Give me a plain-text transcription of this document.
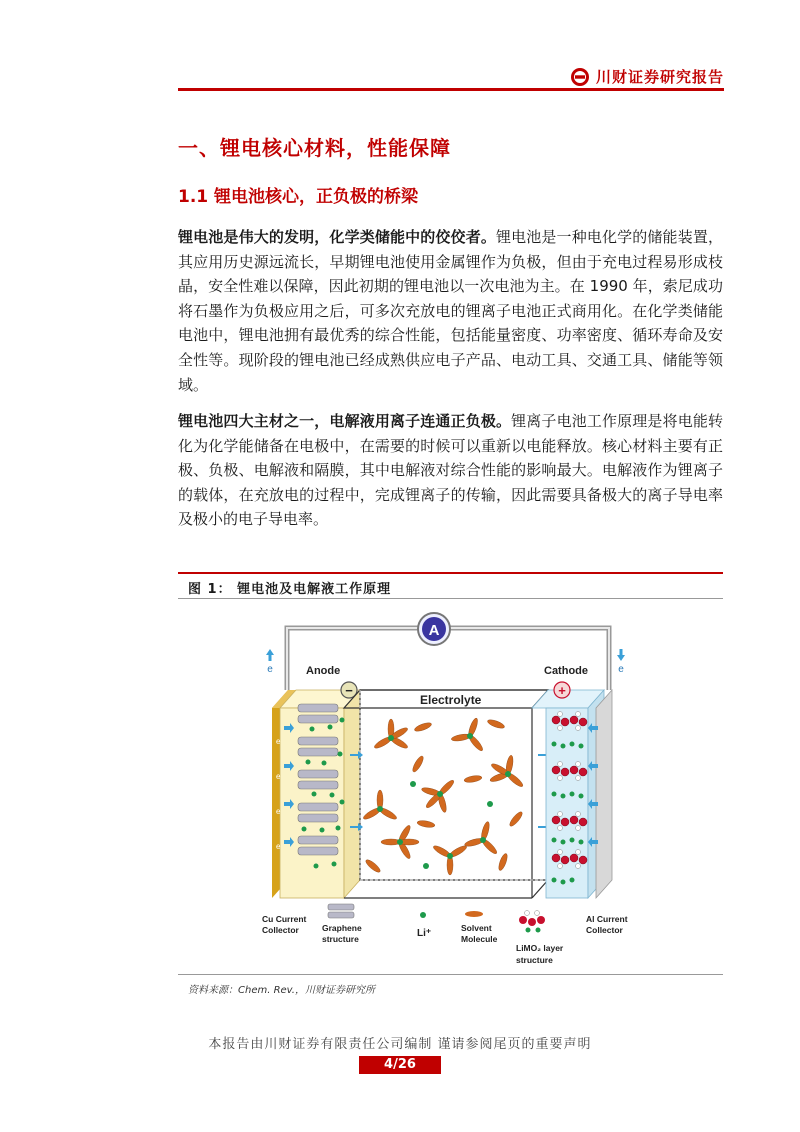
川财证券研究报告
一、锂电核心材料，性能保障
1.1 锂电池核心，正负极的桥梁

锂电池是伟大的发明，化学类储能中的佼佼者。锂电池是一种电化学的储能装置，其应用历史源远流长，早期锂电池使用金属锂作为负极，但由于充电过程易形成枝晶，安全性难以保障，因此初期的锂电池以一次电池为主。在 1990 年，索尼成功将石墨作为负极应用之后，可多次充放电的锂离子电池正式商用化。在化学类储能电池中，锂电池拥有最优秀的综合性能，包括能量密度、功率密度、循环寿命及安全性等。现阶段的锂电池已经成熟供应电子产品、电动工具、交通工具、储能等领域。

锂电池四大主材之一，电解液用离子连通正负极。锂离子电池工作原理是将电能转化为化学能储备在电极中，在需要的时候可以重新以电能释放。核心材料主要有正极、负极、电解液和隔膜，其中电解液对综合性能的影响最大。电解液作为锂离子的载体，在充放电的过程中，完成锂离子的传输，因此需要具备极大的离子导电率及极小的电子导电率。

图 1： 锂电池及电解液工作原理
A
e	e
Anode
−
e
e
e
e
Electrolyte
Cathode
+
Cu Current
Collector	Graphene
structure	Li⁺	Solvent
Molecule
LiMO₂ layer
structure
Al Current
Collector
资料来源：Chem. Rev.，川财证券研究所
本报告由川财证券有限责任公司编制 谨请参阅尾页的重要声明
4/26
